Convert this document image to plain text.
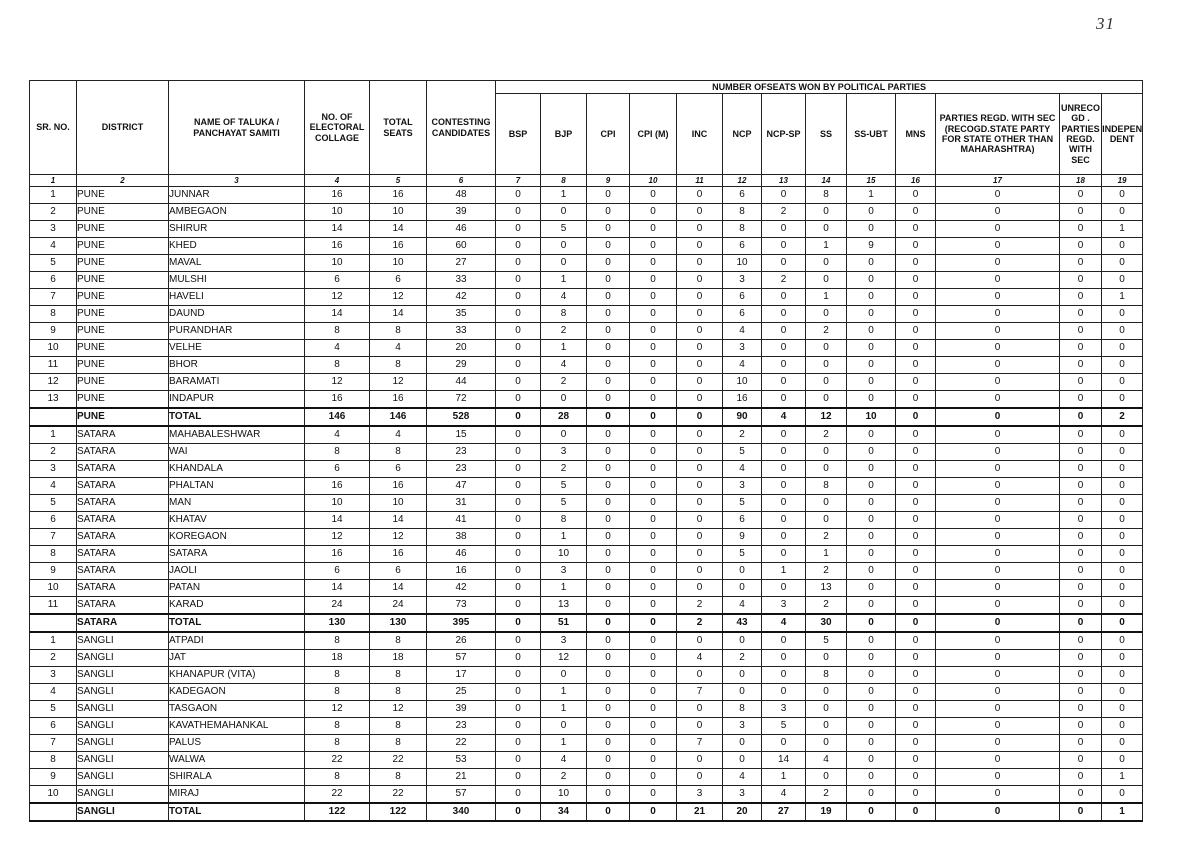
31
SR. NO.	DISTRICT	NAME OF TALUKA / PANCHAYAT SAMITI	NO. OF ELECTORAL COLLAGE	TOTAL SEATS	CONTESTING CANDIDATES	NUMBER OFSEATS WON BY POLITICAL PARTIES												
						BSP	BJP	CPI	CPI (M)	INC	NCP	NCP-SP	SS	SS-UBT	MNS	PARTIES REGD. WITH SEC (RECOGD.STATE PARTY FOR STATE OTHER THAN MAHARASHTRA)	UNRECO GD . PARTIES REGD. WITH SEC	INDEPEN DENT
1	2	3	4	5	6	7	8	9	10	11	12	13	14	15	16	17	18	19
1	PUNE	JUNNAR	16	16	48	0	1	0	0	0	6	0	8	1	0	0	0	0
2	PUNE	AMBEGAON	10	10	39	0	0	0	0	0	8	2	0	0	0	0	0	0
3	PUNE	SHIRUR	14	14	46	0	5	0	0	0	8	0	0	0	0	0	0	1
4	PUNE	KHED	16	16	60	0	0	0	0	0	6	0	1	9	0	0	0	0
5	PUNE	MAVAL	10	10	27	0	0	0	0	0	10	0	0	0	0	0	0	0
6	PUNE	MULSHI	6	6	33	0	1	0	0	0	3	2	0	0	0	0	0	0
7	PUNE	HAVELI	12	12	42	0	4	0	0	0	6	0	1	0	0	0	0	1
8	PUNE	DAUND	14	14	35	0	8	0	0	0	6	0	0	0	0	0	0	0
9	PUNE	PURANDHAR	8	8	33	0	2	0	0	0	4	0	2	0	0	0	0	0
10	PUNE	VELHE	4	4	20	0	1	0	0	0	3	0	0	0	0	0	0	0
11	PUNE	BHOR	8	8	29	0	4	0	0	0	4	0	0	0	0	0	0	0
12	PUNE	BARAMATI	12	12	44	0	2	0	0	0	10	0	0	0	0	0	0	0
13	PUNE	INDAPUR	16	16	72	0	0	0	0	0	16	0	0	0	0	0	0	0
	PUNE	TOTAL	146	146	528	0	28	0	0	0	90	4	12	10	0	0	0	2
1	SATARA	MAHABALESHWAR	4	4	15	0	0	0	0	0	2	0	2	0	0	0	0	0
2	SATARA	WAI	8	8	23	0	3	0	0	0	5	0	0	0	0	0	0	0
3	SATARA	KHANDALA	6	6	23	0	2	0	0	0	4	0	0	0	0	0	0	0
4	SATARA	PHALTAN	16	16	47	0	5	0	0	0	3	0	8	0	0	0	0	0
5	SATARA	MAN	10	10	31	0	5	0	0	0	5	0	0	0	0	0	0	0
6	SATARA	KHATAV	14	14	41	0	8	0	0	0	6	0	0	0	0	0	0	0
7	SATARA	KOREGAON	12	12	38	0	1	0	0	0	9	0	2	0	0	0	0	0
8	SATARA	SATARA	16	16	46	0	10	0	0	0	5	0	1	0	0	0	0	0
9	SATARA	JAOLI	6	6	16	0	3	0	0	0	0	1	2	0	0	0	0	0
10	SATARA	PATAN	14	14	42	0	1	0	0	0	0	0	13	0	0	0	0	0
11	SATARA	KARAD	24	24	73	0	13	0	0	2	4	3	2	0	0	0	0	0
	SATARA	TOTAL	130	130	395	0	51	0	0	2	43	4	30	0	0	0	0	0
1	SANGLI	ATPADI	8	8	26	0	3	0	0	0	0	0	5	0	0	0	0	0
2	SANGLI	JAT	18	18	57	0	12	0	0	4	2	0	0	0	0	0	0	0
3	SANGLI	KHANAPUR (VITA)	8	8	17	0	0	0	0	0	0	0	8	0	0	0	0	0
4	SANGLI	KADEGAON	8	8	25	0	1	0	0	7	0	0	0	0	0	0	0	0
5	SANGLI	TASGAON	12	12	39	0	1	0	0	0	8	3	0	0	0	0	0	0
6	SANGLI	KAVATHEMAHANKAL	8	8	23	0	0	0	0	0	3	5	0	0	0	0	0	0
7	SANGLI	PALUS	8	8	22	0	1	0	0	7	0	0	0	0	0	0	0	0
8	SANGLI	WALWA	22	22	53	0	4	0	0	0	0	14	4	0	0	0	0	0
9	SANGLI	SHIRALA	8	8	21	0	2	0	0	0	4	1	0	0	0	0	0	1
10	SANGLI	MIRAJ	22	22	57	0	10	0	0	3	3	4	2	0	0	0	0	0
	SANGLI	TOTAL	122	122	340	0	34	0	0	21	20	27	19	0	0	0	0	1
